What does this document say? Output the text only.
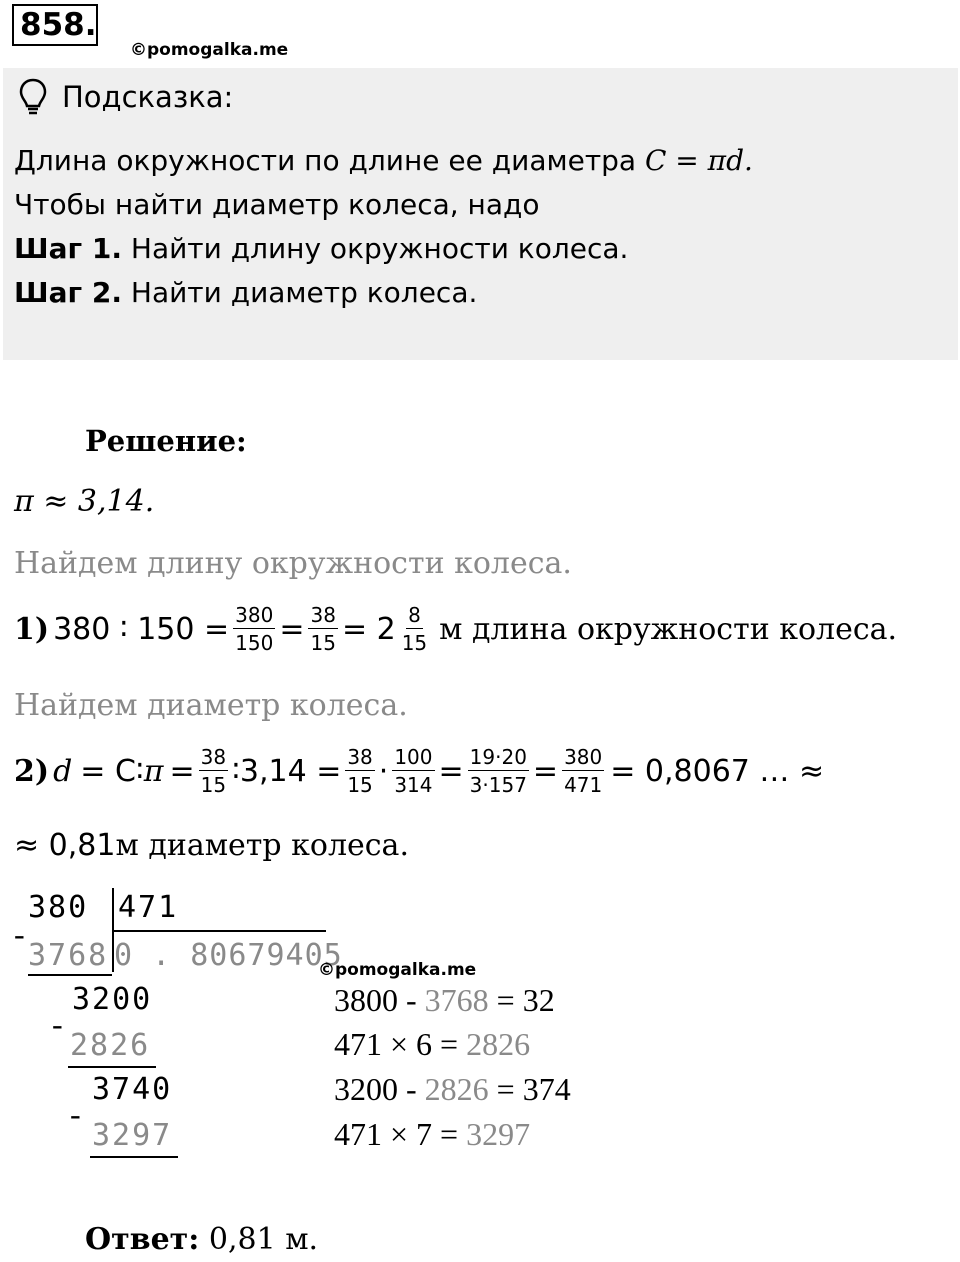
858.
©pomogalka.me
Подсказка:
Длина окружности по длине ее диаметра C = πd.
Чтобы найти диаметр колеса, надо
Шаг 1. Найти длину окружности колеса.
Шаг 2. Найти диаметр колеса.
Решение:
π ≈ 3,14.
Найдем длину окружности колеса.
1) 380 ∶ $150 = \frac{380}{150} = \frac{38}{15} = 2 \frac{8}{15}$ м длина окружности колеса.
Найдем диаметр колеса.
2) d = C∶ $\pi = \frac{38}{15}$ ∶3,14 = $\frac{38}{15} \cdot \frac{100}{314} = \frac{19\cdot 20}{3\cdot 157} = \frac{380}{471} = 0,8067$ … ≈
≈ 0,81 м диаметр колеса.
380 471
-
3768 0 . 80679405
©pomogalka.me
3200
-
2826
3740
-
3297
3800 - 3768 = 32
471 × 6 = 2826
3200 - 2826 = 374
471 × 7 = 3297
Ответ: 0,81 м.
